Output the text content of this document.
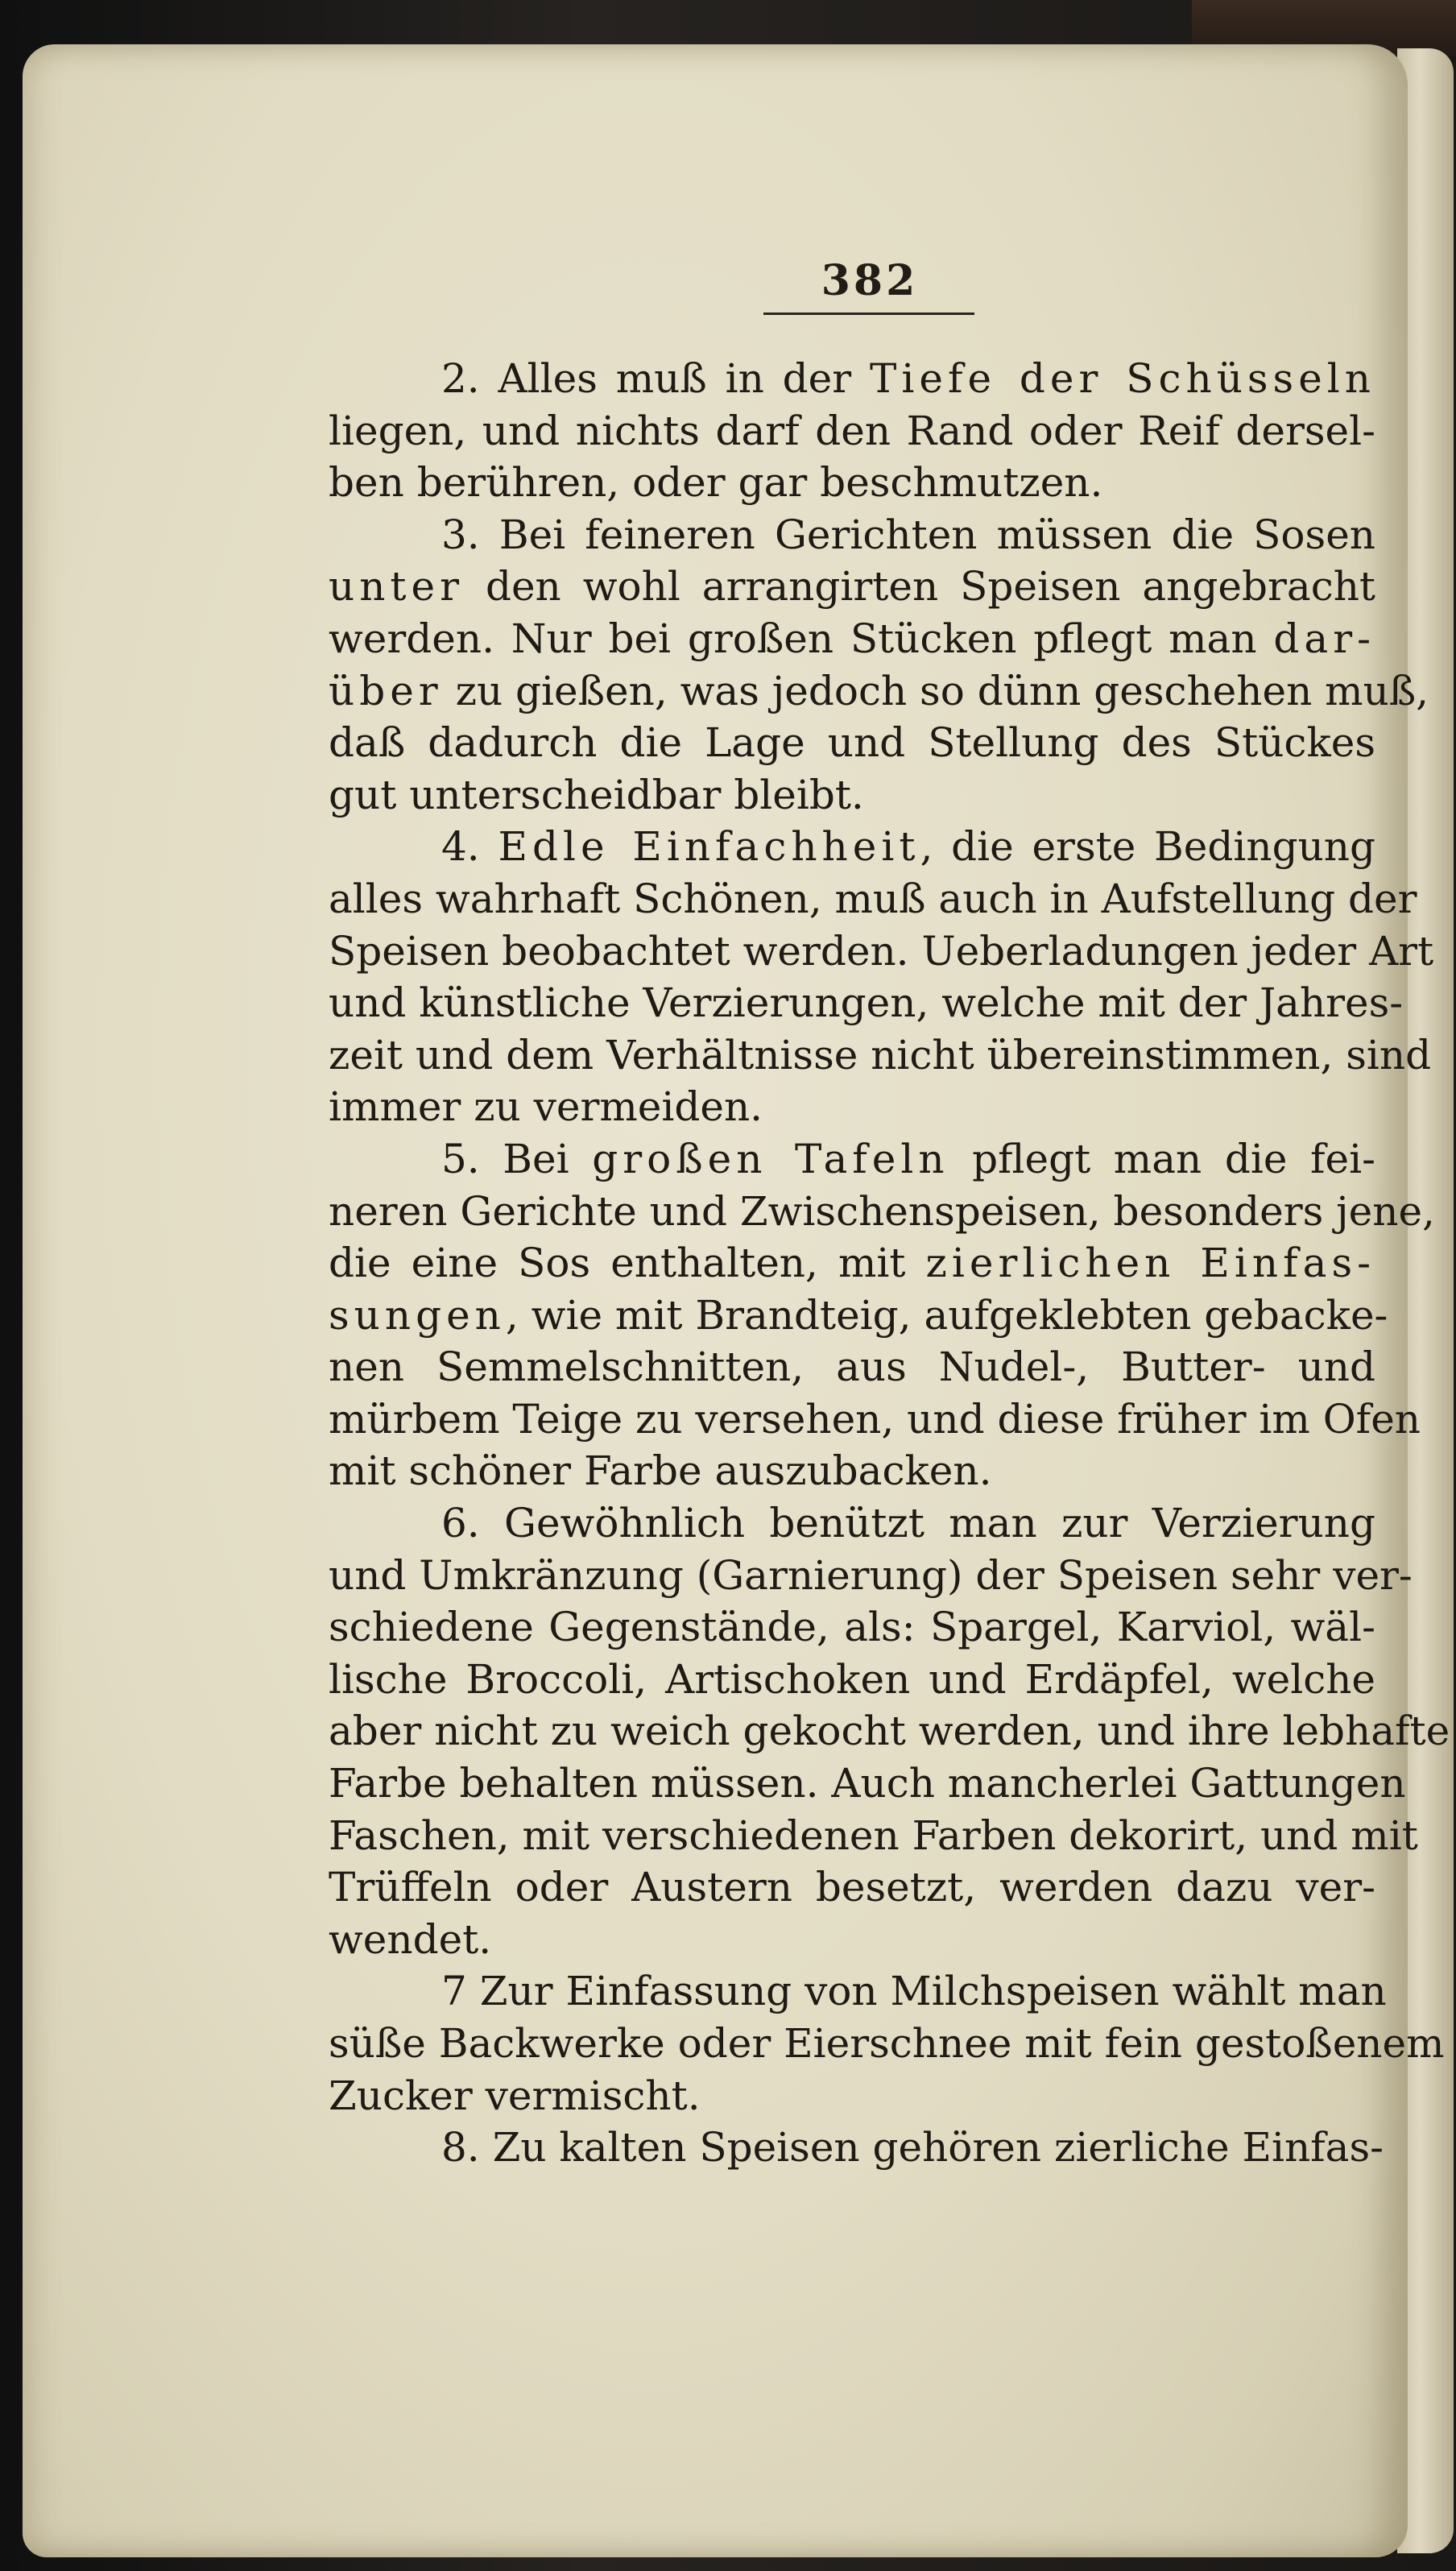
382
2. Alles muß in der Tiefe der Schüsseln
liegen, und nichts darf den Rand oder Reif dersel-
ben berühren, oder gar beschmutzen.
3. Bei feineren Gerichten müssen die Sosen
unter den wohl arrangirten Speisen angebracht
werden. Nur bei großen Stücken pflegt man dar-
über zu gießen, was jedoch so dünn geschehen muß,
daß dadurch die Lage und Stellung des Stückes
gut unterscheidbar bleibt.
4. Edle Einfachheit, die erste Bedingung
alles wahrhaft Schönen, muß auch in Aufstellung der
Speisen beobachtet werden. Ueberladungen jeder Art
und künstliche Verzierungen, welche mit der Jahres-
zeit und dem Verhältnisse nicht übereinstimmen, sind
immer zu vermeiden.
5. Bei großen Tafeln pflegt man die fei-
neren Gerichte und Zwischenspeisen, besonders jene,
die eine Sos enthalten, mit zierlichen Einfas-
sungen, wie mit Brandteig, aufgeklebten gebacke-
nen Semmelschnitten, aus Nudel-, Butter- und
mürbem Teige zu versehen, und diese früher im Ofen
mit schöner Farbe auszubacken.
6. Gewöhnlich benützt man zur Verzierung
und Umkränzung (Garnierung) der Speisen sehr ver-
schiedene Gegenstände, als: Spargel, Karviol, wäl-
lische Broccoli, Artischoken und Erdäpfel, welche
aber nicht zu weich gekocht werden, und ihre lebhafte
Farbe behalten müssen. Auch mancherlei Gattungen
Faschen, mit verschiedenen Farben dekorirt, und mit
Trüffeln oder Austern besetzt, werden dazu ver-
wendet.
7 Zur Einfassung von Milchspeisen wählt man
süße Backwerke oder Eierschnee mit fein gestoßenem
Zucker vermischt.
8. Zu kalten Speisen gehören zierliche Einfas-
